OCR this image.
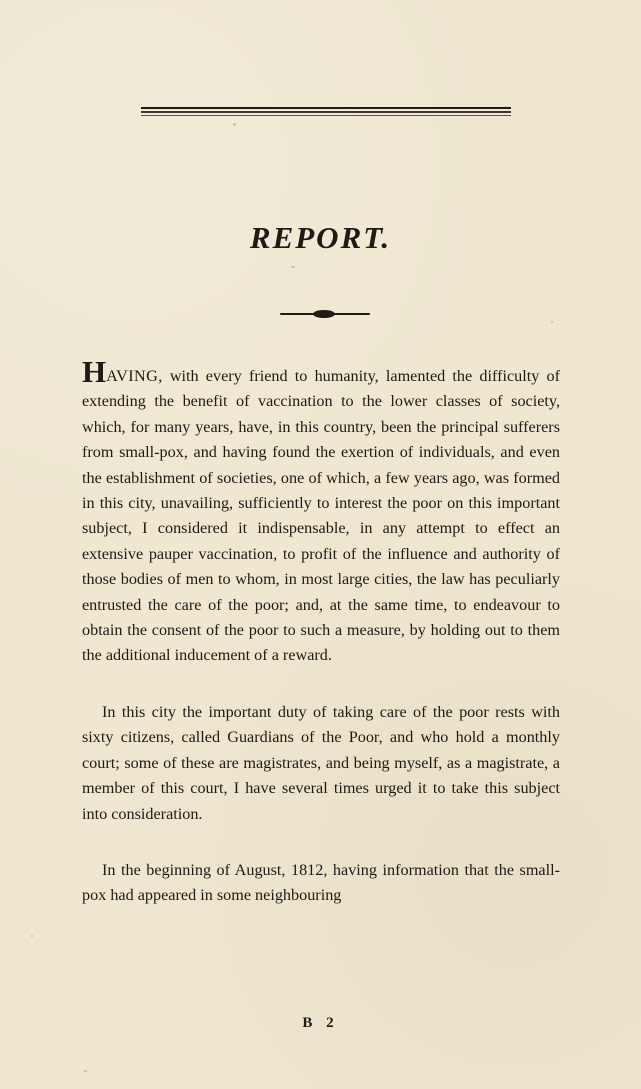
REPORT.

HAVING, with every friend to humanity, lamented the difficulty of extending the benefit of vaccination to the lower classes of society, which, for many years, have, in this country, been the principal sufferers from small-pox, and having found the exertion of individuals, and even the establishment of societies, one of which, a few years ago, was formed in this city, unavailing, sufficiently to interest the poor on this important subject, I considered it indispensable, in any attempt to effect an extensive pauper vaccination, to profit of the influence and authority of those bodies of men to whom, in most large cities, the law has peculiarly entrusted the care of the poor; and, at the same time, to endeavour to obtain the consent of the poor to such a measure, by holding out to them the additional inducement of a reward.

In this city the important duty of taking care of the poor rests with sixty citizens, called Guardians of the Poor, and who hold a monthly court; some of these are magistrates, and being myself, as a magistrate, a member of this court, I have several times urged it to take this subject into consideration.

In the beginning of August, 1812, having information that the small-pox had appeared in some neighbouring

B 2
